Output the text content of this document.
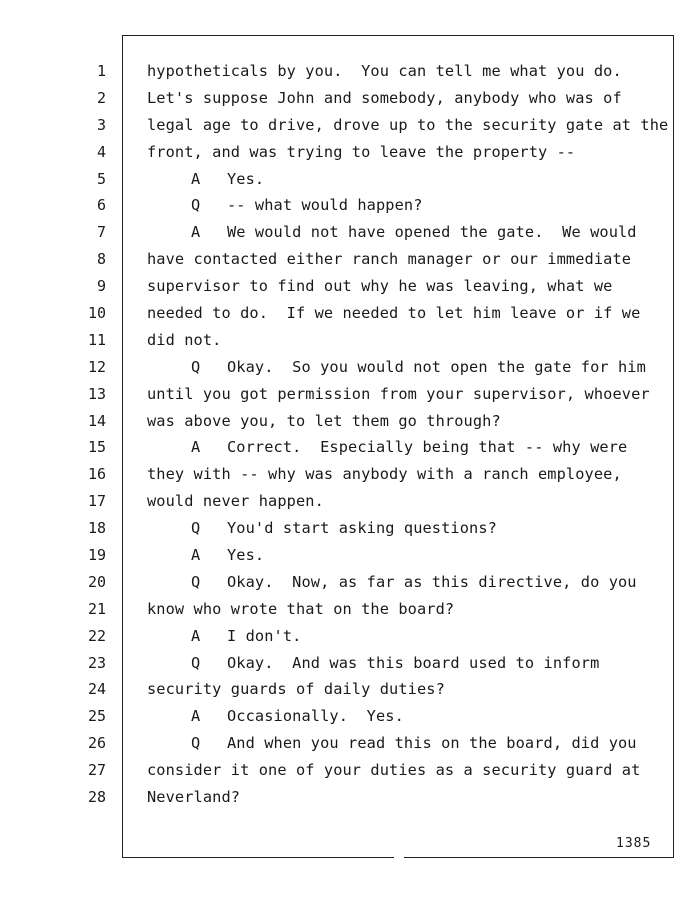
1
2
3
4
5
6
7
8
9
10
11
12
13
14
15
16
17
18
19
20
21
22
23
24
25
26
27
28
hypotheticals by you.  You can tell me what you do.
Let's suppose John and somebody, anybody who was of
legal age to drive, drove up to the security gate at the
front, and was trying to leave the property --
A Yes.
Q -- what would happen?
A We would not have opened the gate.  We would
have contacted either ranch manager or our immediate
supervisor to find out why he was leaving, what we
needed to do.  If we needed to let him leave or if we
did not.
Q Okay.  So you would not open the gate for him
until you got permission from your supervisor, whoever
was above you, to let them go through?
A Correct.  Especially being that -- why were
they with -- why was anybody with a ranch employee,
would never happen.
Q You'd start asking questions?
A Yes.
Q Okay.  Now, as far as this directive, do you
know who wrote that on the board?
A I don't.
Q Okay.  And was this board used to inform
security guards of daily duties?
A Occasionally.  Yes.
Q And when you read this on the board, did you
consider it one of your duties as a security guard at
Neverland?
1385
